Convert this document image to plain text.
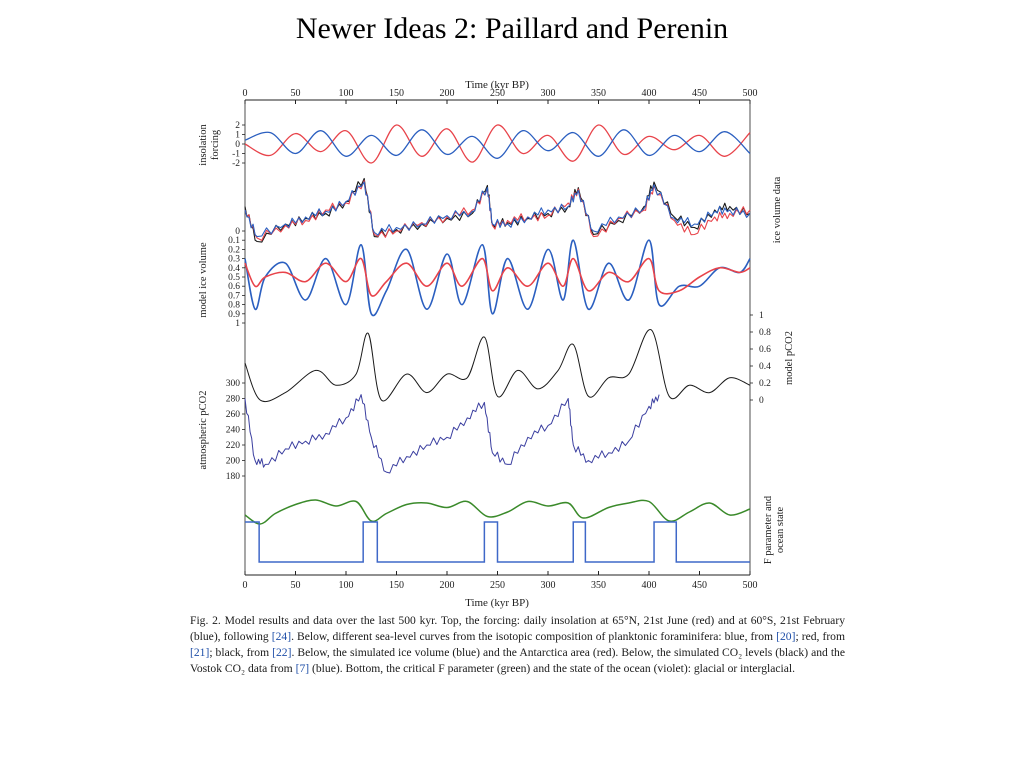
Newer Ideas 2: Paillard and Perenin
Time (kyr BP)
0	50	100	150	200	250	300	350	400	450	500
Time (kyr BP)
0	50	100	150	200	250	300	350	400	450	500
insolation forcing
model ice volume
atmospheric pCO2
ice volume data
model pCO2
F parameter and ocean state
2
1
0
-1
-2
0
0.1
0.2
0.3
0.4
0.5
0.6
0.7
0.8
0.9
1
1
0.8
0.6
0.4
0.2
0
300
280
260
240
220
200
180
Fig. 2. Model results and data over the last 500 kyr. Top, the forcing: daily insolation at 65°N, 21st June (red) and at 60°S, 21st February (blue), following [24]. Below, different sea-level curves from the isotopic composition of planktonic foraminifera: blue, from [20]; red, from [21]; black, from [22]. Below, the simulated ice volume (blue) and the Antarctica area (red). Below, the simulated CO₂ levels (black) and the Vostok CO₂ data from [7] (blue). Bottom, the critical F parameter (green) and the state of the ocean (violet): glacial or interglacial.
